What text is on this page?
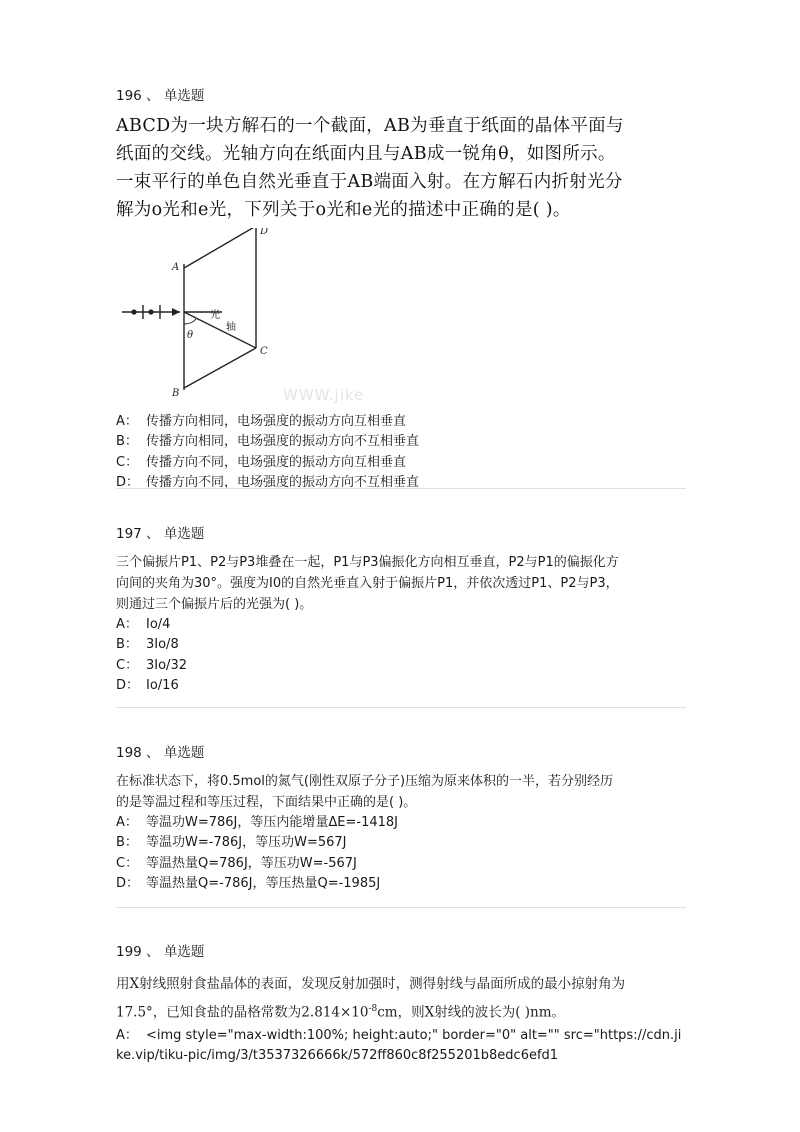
WWW.jike
196 、 单选题
ABCD为一块方解石的一个截面，AB为垂直于纸面的晶体平面与
纸面的交线。光轴方向在纸面内且与AB成一锐角θ，如图所示。
一束平行的单色自然光垂直于AB端面入射。在方解石内折射光分
解为o光和e光，下列关于o光和e光的描述中正确的是( )。
A
B
C
D
θ
光
轴
A： 传播方向相同，电场强度的振动方向互相垂直
B： 传播方向相同，电场强度的振动方向不互相垂直
C： 传播方向不同，电场强度的振动方向互相垂直
D： 传播方向不同，电场强度的振动方向不互相垂直
197 、 单选题
三个偏振片P1、P2与P3堆叠在一起，P1与P3偏振化方向相互垂直，P2与P1的偏振化方
向间的夹角为30°。强度为I0的自然光垂直入射于偏振片P1，并依次透过P1、P2与P3，
则通过三个偏振片后的光强为( )。
A： Io/4
B： 3Io/8
C： 3Io/32
D： Io/16
198 、 单选题
在标准状态下，将0.5mol的氮气(刚性双原子分子)压缩为原来体积的一半，若分别经历
的是等温过程和等压过程，下面结果中正确的是( )。
A： 等温功W=786J，等压内能增量ΔE=-1418J
B： 等温功W=-786J，等压功W=567J
C： 等温热量Q=786J，等压功W=-567J
D： 等温热量Q=-786J，等压热量Q=-1985J
199 、 单选题
用X射线照射食盐晶体的表面，发现反射加强时，测得射线与晶面所成的最小掠射角为
17.5°，已知食盐的晶格常数为$2.814\times 10^{-8}cm$，则X射线的波长为( )nm。
A： <img style="max-width:100%; height:auto;" border="0" alt="" src="https://cdn.jike.vip/tiku-pic/img/3/t3537326666k/572ff860c8f255201b8edc6efd1
